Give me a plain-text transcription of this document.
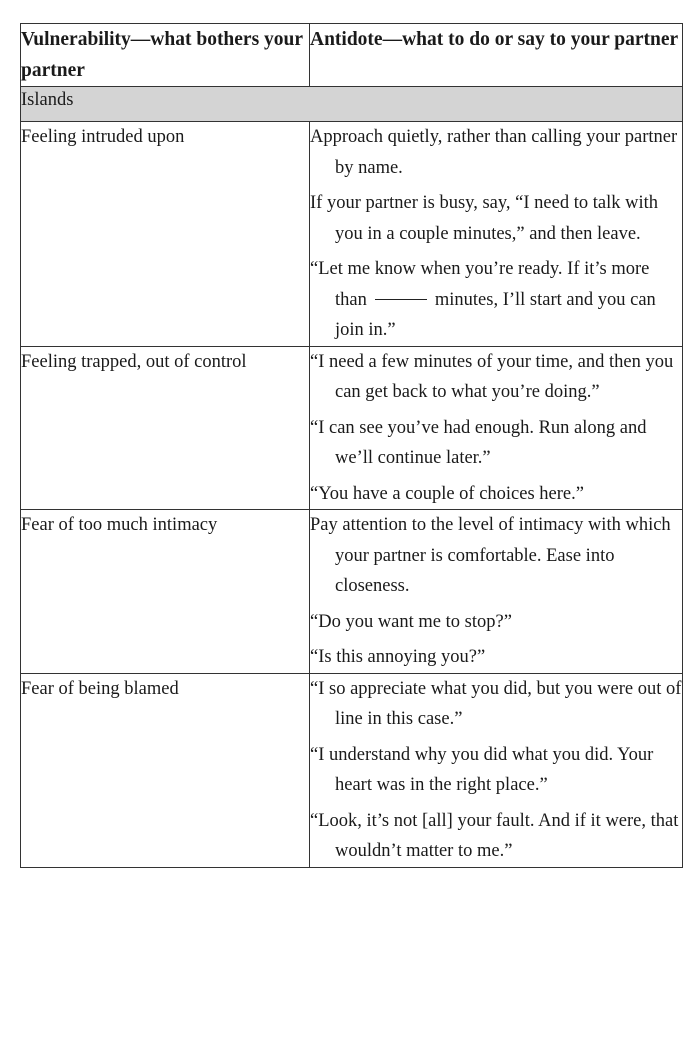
Vulnerability—what bothers your partner	Antidote—what to do or say to your partner
Islands	
Feeling intruded upon	Approach quietly, rather than calling your partner by name.
If your partner is busy, say, “I need to talk with you in a couple minutes,” and then leave.
“Let me know when you’re ready. If it’s more than minutes, I’ll start and you can join in.”

Feeling trapped, out of control	“I need a few minutes of your time, and then you can get back to what you’re doing.”
“I can see you’ve had enough. Run along and we’ll continue later.”
“You have a couple of choices here.”

Fear of too much intimacy	Pay attention to the level of intimacy with which your partner is comfortable. Ease into closeness.
“Do you want me to stop?”
“Is this annoying you?”

Fear of being blamed	“I so appreciate what you did, but you were out of line in this case.”
“I understand why you did what you did. Your heart was in the right place.”
“Look, it’s not [all] your fault. And if it were, that wouldn’t matter to me.”
